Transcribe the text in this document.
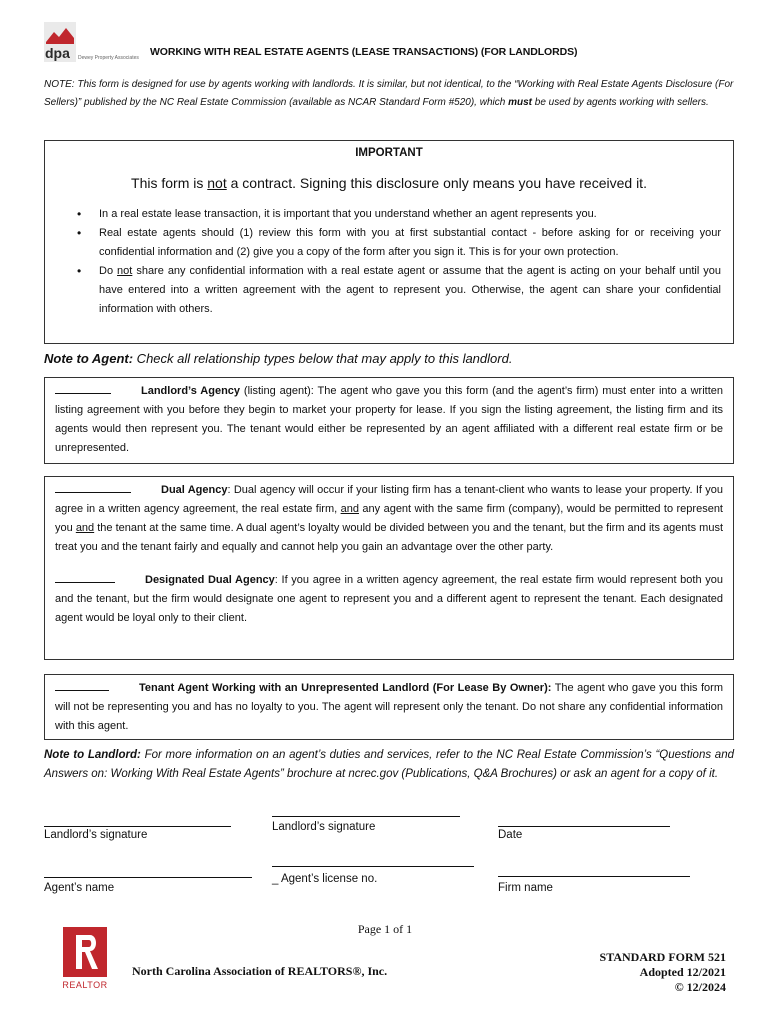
dpa Dewey Property Associates WORKING WITH REAL ESTATE AGENTS (LEASE TRANSACTIONS) (FOR LANDLORDS)
NOTE: This form is designed for use by agents working with landlords. It is similar, but not identical, to the “Working with Real Estate Agents Disclosure (For Sellers)” published by the NC Real Estate Commission (available as NCAR Standard Form #520), which must be used by agents working with sellers.
IMPORTANT
This form is not a contract. Signing this disclosure only means you have received it.
• In a real estate lease transaction, it is important that you understand whether an agent represents you.
• Real estate agents should (1) review this form with you at first substantial contact - before asking for or receiving your confidential information and (2) give you a copy of the form after you sign it. This is for your own protection.
• Do not share any confidential information with a real estate agent or assume that the agent is acting on your behalf until you have entered into a written agreement with the agent to represent you. Otherwise, the agent can share your confidential information with others.
Note to Agent: Check all relationship types below that may apply to this landlord.
Landlord’s Agency (listing agent): The agent who gave you this form (and the agent’s firm) must enter into a written listing agreement with you before they begin to market your property for lease. If you sign the listing agreement, the listing firm and its agents would then represent you. The tenant would either be represented by an agent affiliated with a different real estate firm or be unrepresented.
Dual Agency: Dual agency will occur if your listing firm has a tenant-client who wants to lease your property. If you agree in a written agency agreement, the real estate firm, and any agent with the same firm (company), would be permitted to represent you and the tenant at the same time. A dual agent’s loyalty would be divided between you and the tenant, but the firm and its agents must treat you and the tenant fairly and equally and cannot help you gain an advantage over the other party.
Designated Dual Agency: If you agree in a written agency agreement, the real estate firm would represent both you and the tenant, but the firm would designate one agent to represent you and a different agent to represent the tenant. Each designated agent would be loyal only to their client.
Tenant Agent Working with an Unrepresented Landlord (For Lease By Owner): The agent who gave you this form will not be representing you and has no loyalty to you. The agent will represent only the tenant. Do not share any confidential information with this agent.
Note to Landlord: For more information on an agent’s duties and services, refer to the NC Real Estate Commission’s “Questions and Answers on: Working With Real Estate Agents” brochure at ncrec.gov (Publications, Q&A Brochures) or ask an agent for a copy of it.
Landlord’s signature
Landlord’s signature
Date
Agent’s name
_ Agent’s license no.
Firm name
Page 1 of 1
REALTOR
North Carolina Association of REALTORS®, Inc.
STANDARD FORM 521
Adopted 12/2021
© 12/2024
